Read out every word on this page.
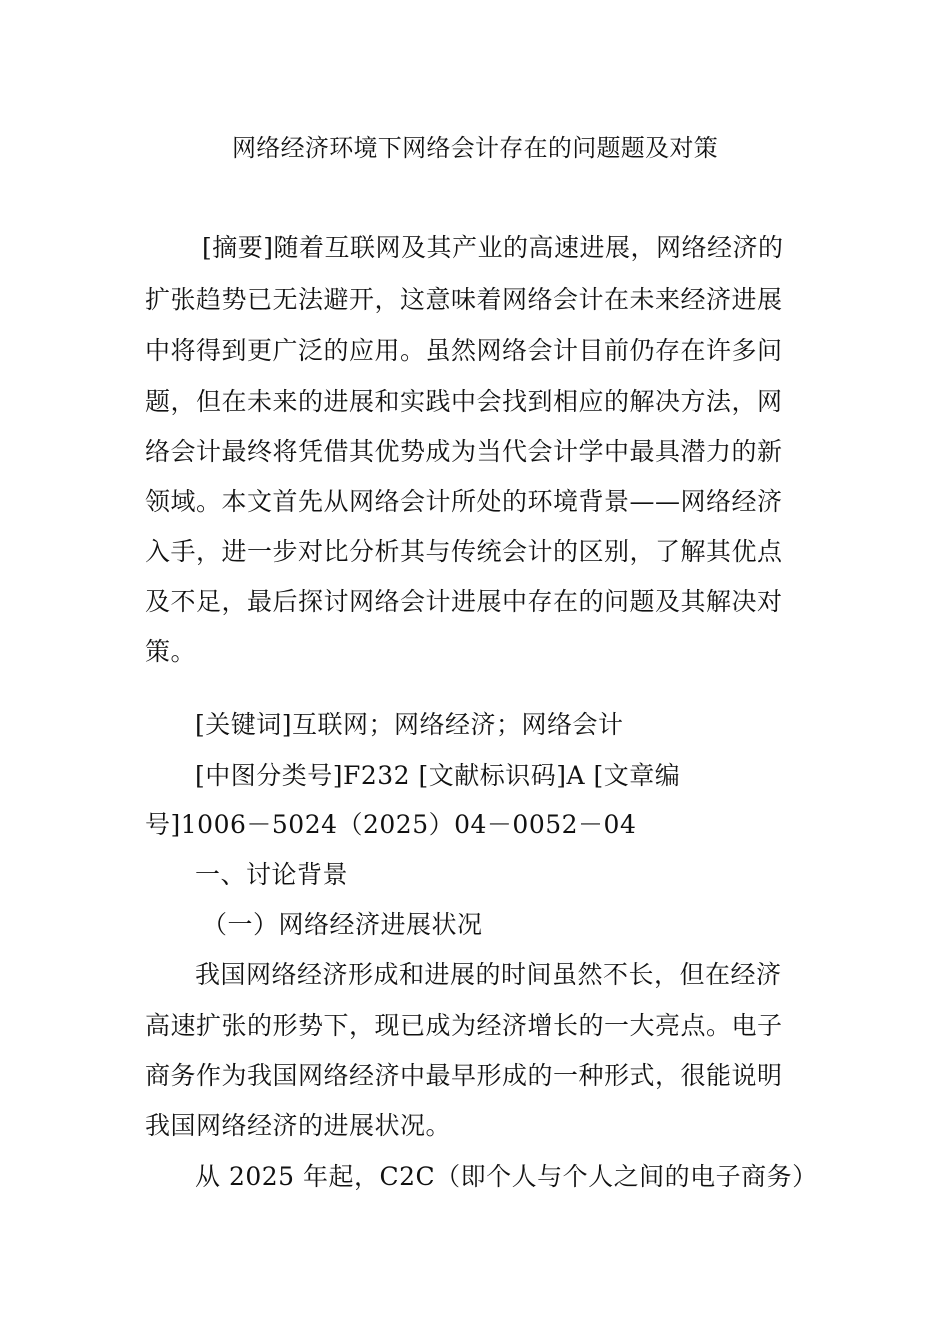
网络经济环境下网络会计存在的问题题及对策
[摘要]随着互联网及其产业的高速进展，网络经济的
扩张趋势已无法避开，这意味着网络会计在未来经济进展
中将得到更广泛的应用。虽然网络会计目前仍存在许多问
题，但在未来的进展和实践中会找到相应的解决方法，网
络会计最终将凭借其优势成为当代会计学中最具潜力的新
领域。本文首先从网络会计所处的环境背景——网络经济
入手，进一步对比分析其与传统会计的区别，了解其优点
及不足，最后探讨网络会计进展中存在的问题及其解决对
策。
[关键词]互联网；网络经济；网络会计
[中图分类号]F232 [文献标识码]A [文章编
号]1006－5024（2025）04－0052－04
一、讨论背景
（一）网络经济进展状况
我国网络经济形成和进展的时间虽然不长，但在经济
高速扩张的形势下，现已成为经济增长的一大亮点。电子
商务作为我国网络经济中最早形成的一种形式，很能说明
我国网络经济的进展状况。
从 2025 年起，C2C（即个人与个人之间的电子商务）
